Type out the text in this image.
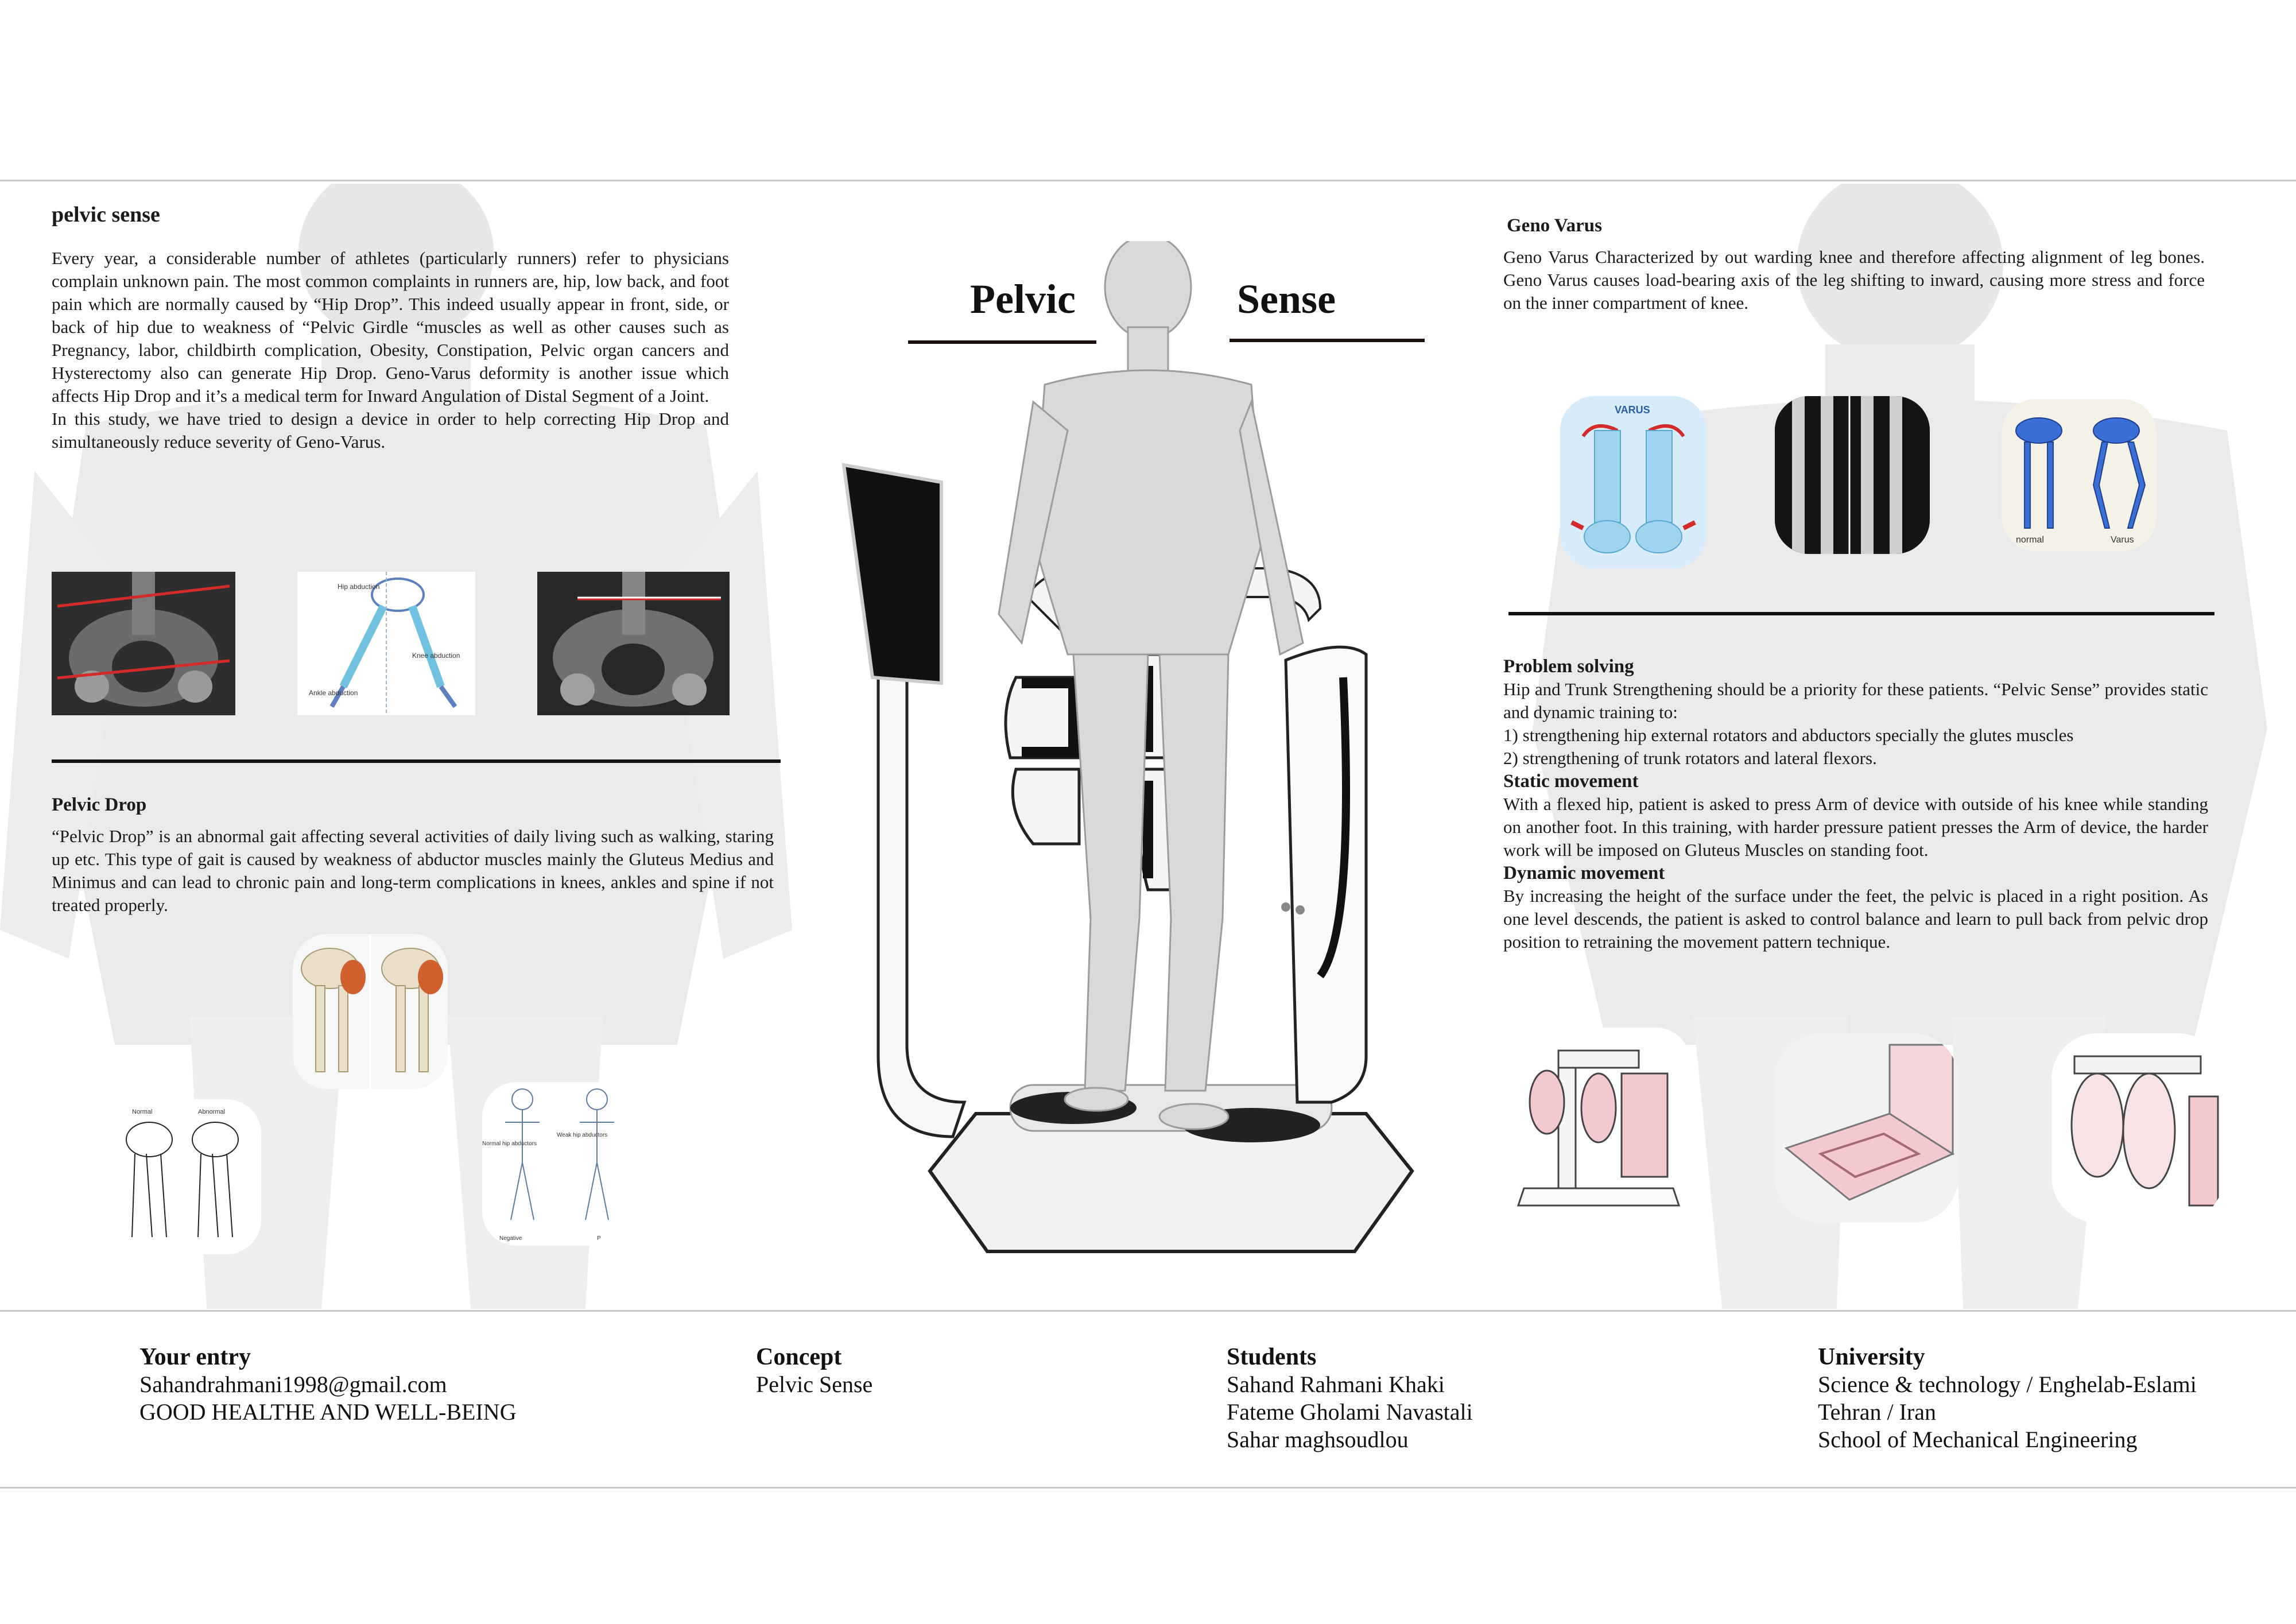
pelvic sense
Every year, a considerable number of athletes (particularly runners) refer to physicians complain unknown pain. The most common complaints in runners are, hip, low back, and foot pain which are normally caused by “Hip Drop”. This indeed usually appear in front, side, or back of hip due to weakness of “Pelvic Girdle “muscles as well as other causes such as Pregnancy, labor, childbirth complication, Obesity, Constipation, Pelvic organ cancers and Hysterectomy also can generate Hip Drop. Geno-Varus deformity is another issue which affects Hip Drop and it’s a medical term for Inward Angulation of Distal Segment of a Joint.
In this study, we have tried to design a device in order to help correcting Hip Drop and simultaneously reduce severity of Geno-Varus.
Hip abduction
Knee abduction
Ankle abduction
Pelvic Drop
“Pelvic Drop” is an abnormal gait affecting several activities of daily living such as walking, staring up etc. This type of gait is caused by weakness of abductor muscles mainly the Gluteus Medius and Minimus and can lead to chronic pain and long-term complications in knees, ankles and spine if not treated properly.
Normal	Abnormal
Normal hip abductors
Weak hip abductors
Negative	P
Pelvic	Sense
Geno Varus
Geno Varus Characterized by out warding knee and therefore affecting alignment of leg bones. Geno Varus causes load-bearing axis of the leg shifting to inward, causing more stress and force on the inner compartment of knee.
VARUS
normal	Varus
Problem solving
Hip and Trunk Strengthening should be a priority for these patients. “Pelvic Sense” provides static and dynamic training to:
1) strengthening hip external rotators and abductors specially the glutes muscles
2) strengthening of trunk rotators and lateral flexors.
Static movement
With a flexed hip, patient is asked to press Arm of device with outside of his knee while standing on another foot. In this training, with harder pressure patient presses the Arm of device, the harder work will be imposed on Gluteus Muscles on standing foot.
Dynamic movement
By increasing the height of the surface under the feet, the pelvic is placed in a right position. As one level descends, the patient is asked to control balance and learn to pull back from pelvic drop position to retraining the movement pattern technique.
Your entry
Sahandrahmani1998@gmail.com
GOOD HEALTHE AND WELL-BEING
Concept
Pelvic Sense
Students
Sahand Rahmani Khaki
Fateme Gholami Navastali
Sahar maghsoudlou
University
Science & technology / Enghelab-Eslami
Tehran / Iran
School of Mechanical Engineering
